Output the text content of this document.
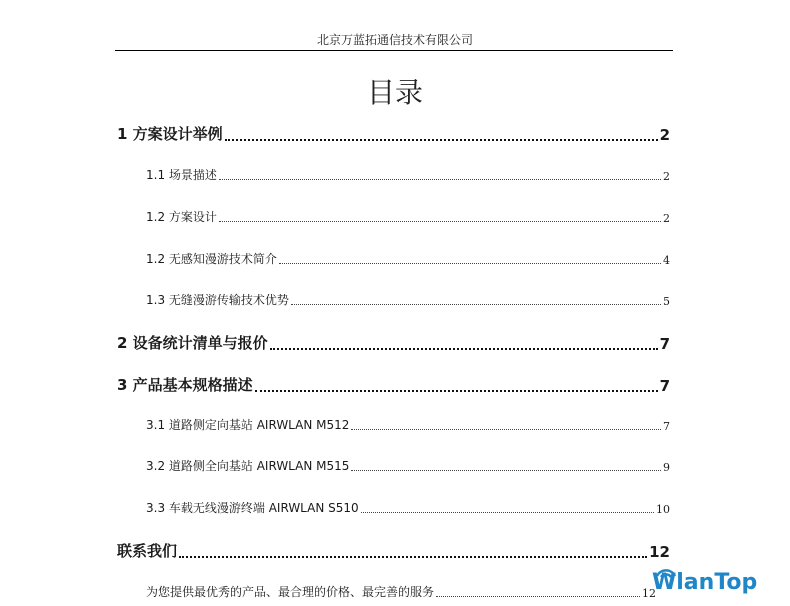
北京万蓝拓通信技术有限公司
目录
1 方案设计举例	2
1.1 场景描述	2
1.2 方案设计	2
1.2 无感知漫游技术简介	4
1.3 无缝漫游传输技术优势	5
2 设备统计清单与报价	7
3 产品基本规格描述	7
3.1 道路侧定向基站 AIRWLAN M512	7
3.2 道路侧全向基站 AIRWLAN M515	9
3.3 车载无线漫游终端 AIRWLAN S510	10
联系我们	12
为您提供最优秀的产品、最合理的价格、最完善的服务	12
WlanTop
